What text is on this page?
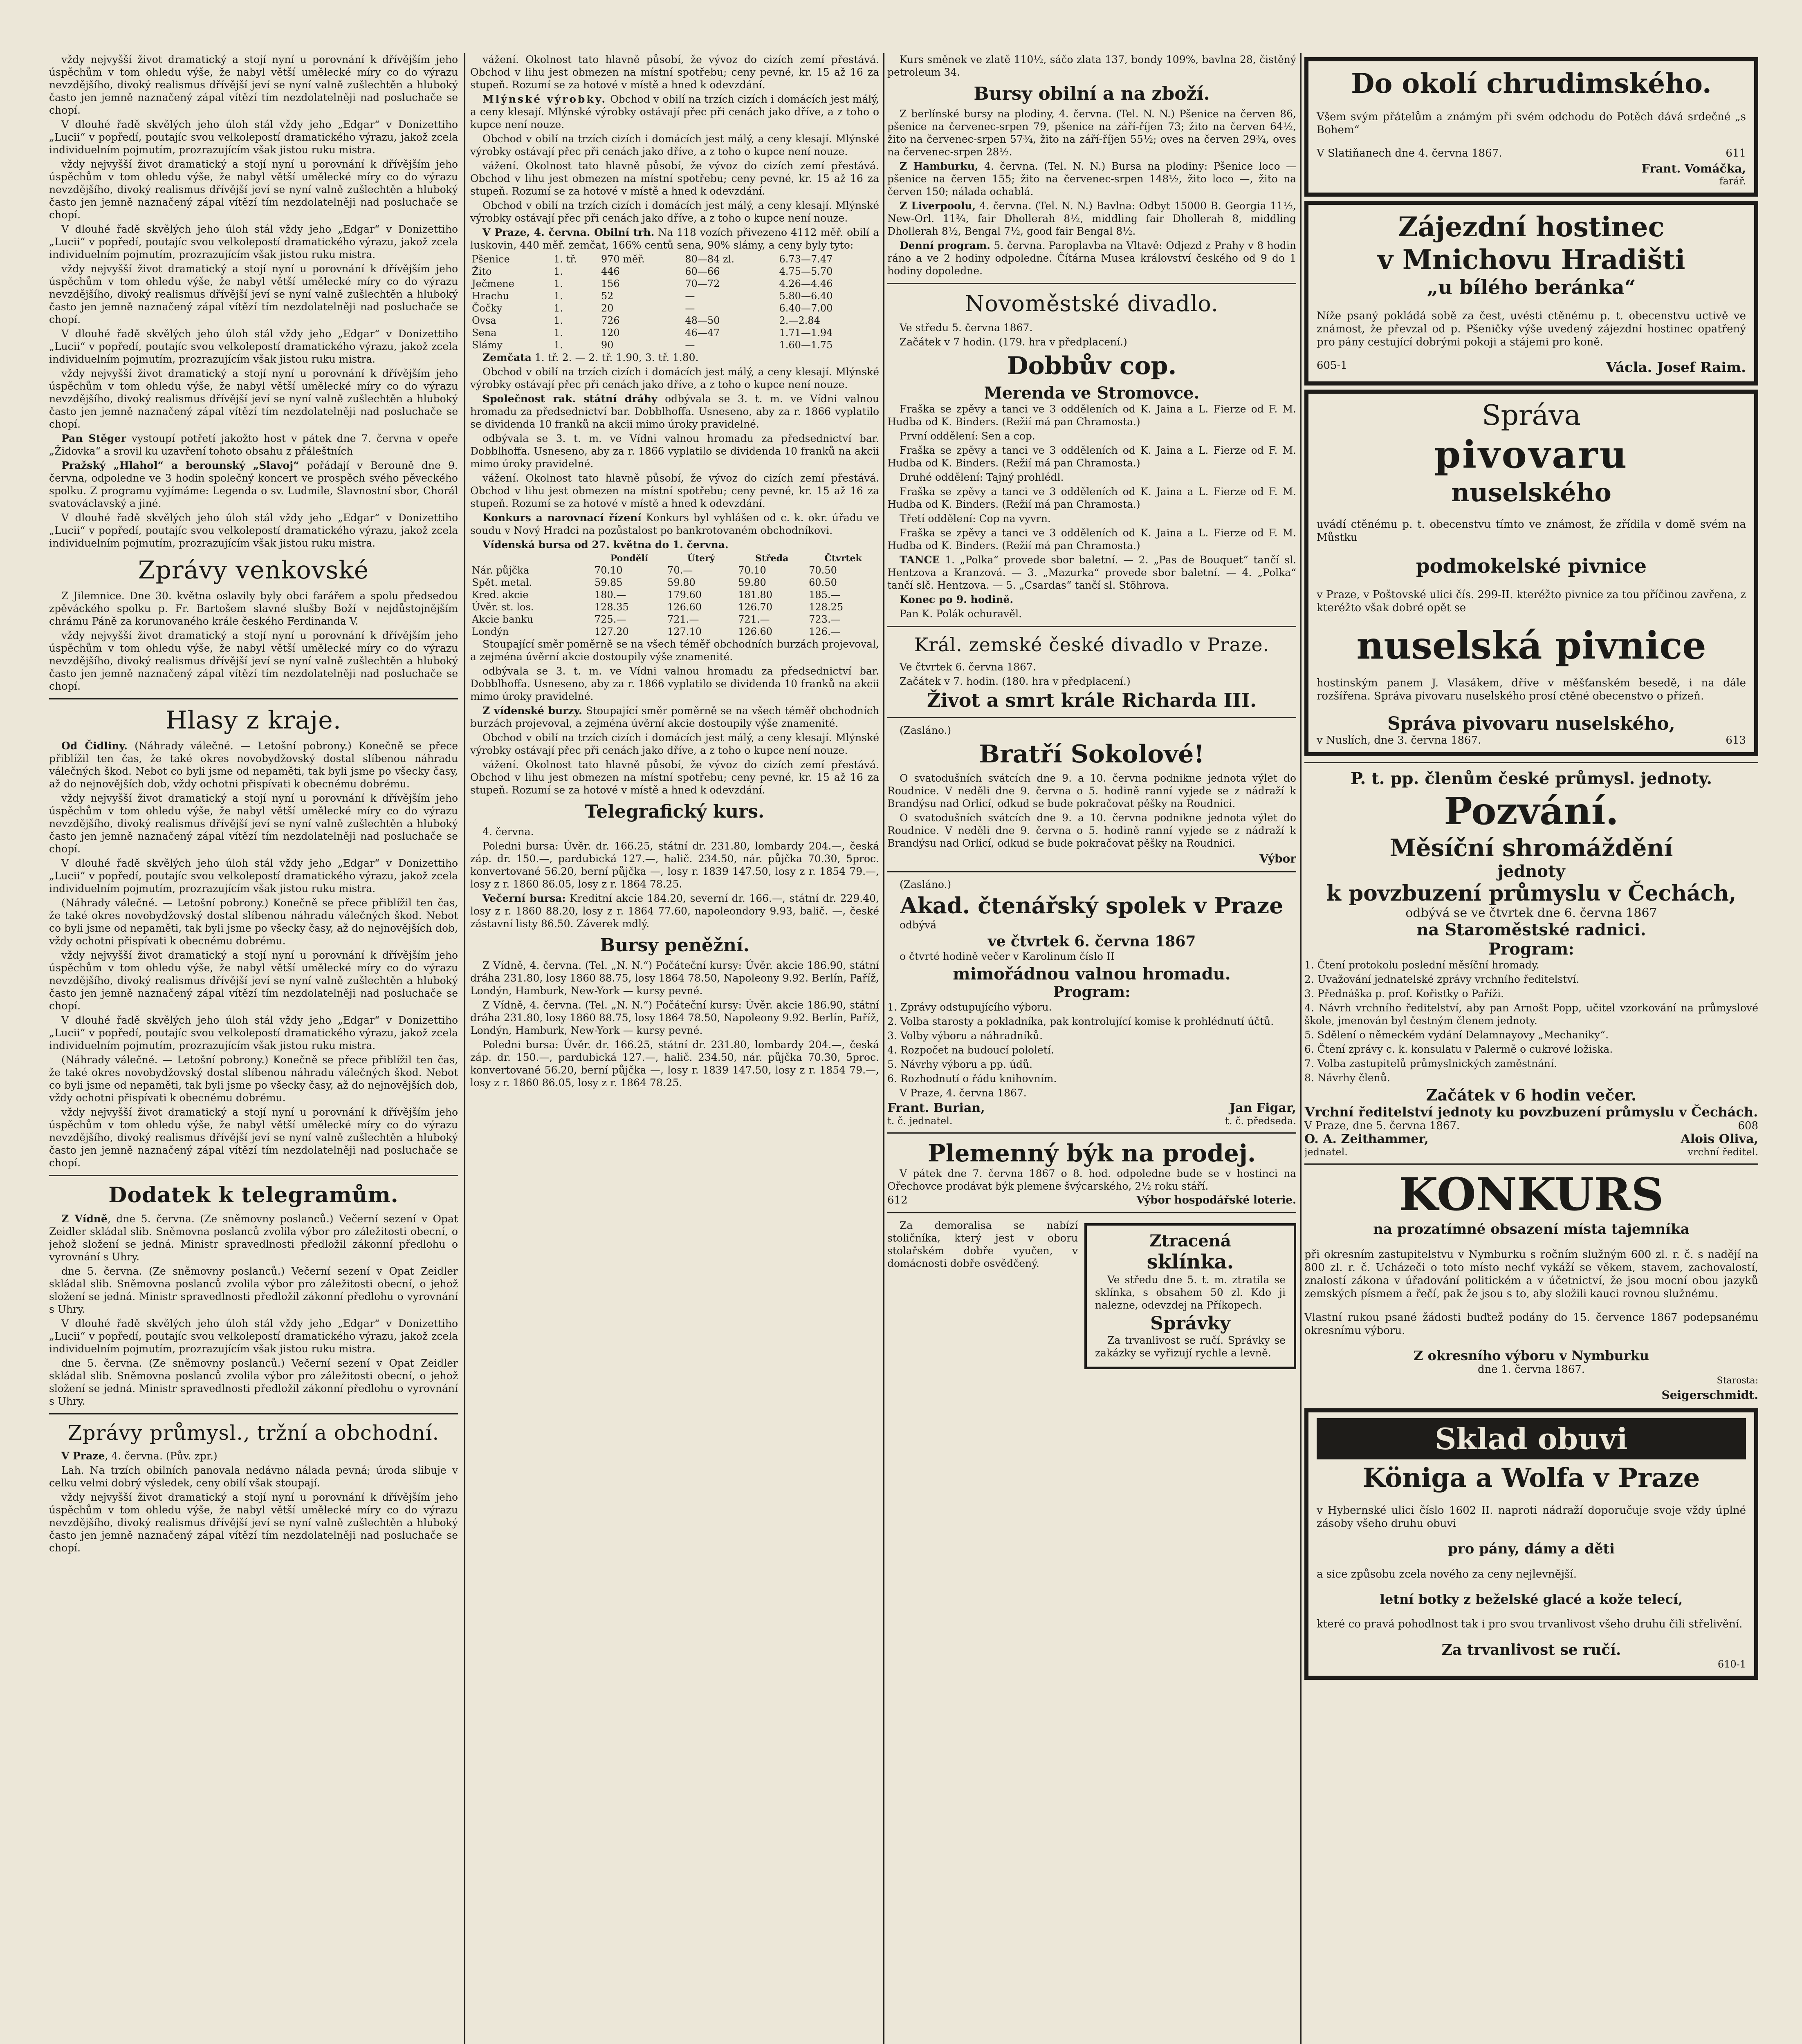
vždy nejvyšší život dramatický a stojí nyní u porovnání k dřívějším jeho úspěchům v tom ohledu výše, že nabyl větší umělecké míry co do výrazu nevzdějšího, divoký realismus dřívější jeví se nyní valně zušlechtěn a hluboký často jen jemně naznačený zápal vítězí tím nezdolatelněji nad posluchače se chopí.

V dlouhé řadě skvělých jeho úloh stál vždy jeho „Edgar“ v Donizettiho „Lucii“ v popředí, poutajíc svou velkolepostí dramatického výrazu, jakož zcela individuelním pojmutím, prozrazujícím však jistou ruku mistra.

vždy nejvyšší život dramatický a stojí nyní u porovnání k dřívějším jeho úspěchům v tom ohledu výše, že nabyl větší umělecké míry co do výrazu nevzdějšího, divoký realismus dřívější jeví se nyní valně zušlechtěn a hluboký často jen jemně naznačený zápal vítězí tím nezdolatelněji nad posluchače se chopí.

V dlouhé řadě skvělých jeho úloh stál vždy jeho „Edgar“ v Donizettiho „Lucii“ v popředí, poutajíc svou velkolepostí dramatického výrazu, jakož zcela individuelním pojmutím, prozrazujícím však jistou ruku mistra.

vždy nejvyšší život dramatický a stojí nyní u porovnání k dřívějším jeho úspěchům v tom ohledu výše, že nabyl větší umělecké míry co do výrazu nevzdějšího, divoký realismus dřívější jeví se nyní valně zušlechtěn a hluboký často jen jemně naznačený zápal vítězí tím nezdolatelněji nad posluchače se chopí.

V dlouhé řadě skvělých jeho úloh stál vždy jeho „Edgar“ v Donizettiho „Lucii“ v popředí, poutajíc svou velkolepostí dramatického výrazu, jakož zcela individuelním pojmutím, prozrazujícím však jistou ruku mistra.

vždy nejvyšší život dramatický a stojí nyní u porovnání k dřívějším jeho úspěchům v tom ohledu výše, že nabyl větší umělecké míry co do výrazu nevzdějšího, divoký realismus dřívější jeví se nyní valně zušlechtěn a hluboký často jen jemně naznačený zápal vítězí tím nezdolatelněji nad posluchače se chopí.

Pan Stěger vystoupí potřetí jakožto host v pátek dne 7. června v opeře „Židovka“ a srovil ku uzavření tohoto obsahu z přáleštních

Pražský „Hlahol“ a berounský „Slavoj“ pořádají v Berouně dne 9. června, odpoledne ve 3 hodin společný koncert ve prospěch svého pěveckého spolku. Z programu vyjímáme: Legenda o sv. Ludmile, Slavnostní sbor, Chorál svatováclavský a jiné.

V dlouhé řadě skvělých jeho úloh stál vždy jeho „Edgar“ v Donizettiho „Lucii“ v popředí, poutajíc svou velkolepostí dramatického výrazu, jakož zcela individuelním pojmutím, prozrazujícím však jistou ruku mistra.

Zprávy venkovské

Z Jilemnice. Dne 30. května oslavily byly obci farářem a spolu předsedou zpěváckého spolku p. Fr. Bartošem slavné slušby Boží v nejdůstojnějším chrámu Páně za korunovaného krále českého Ferdinanda V.

vždy nejvyšší život dramatický a stojí nyní u porovnání k dřívějším jeho úspěchům v tom ohledu výše, že nabyl větší umělecké míry co do výrazu nevzdějšího, divoký realismus dřívější jeví se nyní valně zušlechtěn a hluboký často jen jemně naznačený zápal vítězí tím nezdolatelněji nad posluchače se chopí.

Hlasy z kraje.

Od Čidliny. (Náhrady válečné. — Letošní pobrony.) Konečně se přece přiblížil ten čas, že také okres novobydžovský dostal slíbenou náhradu válečných škod. Nebot co byli jsme od nepaměti, tak byli jsme po všecky časy, až do nejnovějších dob, vždy ochotni přispívati k obecnému dobrému.

vždy nejvyšší život dramatický a stojí nyní u porovnání k dřívějším jeho úspěchům v tom ohledu výše, že nabyl větší umělecké míry co do výrazu nevzdějšího, divoký realismus dřívější jeví se nyní valně zušlechtěn a hluboký často jen jemně naznačený zápal vítězí tím nezdolatelněji nad posluchače se chopí.

V dlouhé řadě skvělých jeho úloh stál vždy jeho „Edgar“ v Donizettiho „Lucii“ v popředí, poutajíc svou velkolepostí dramatického výrazu, jakož zcela individuelním pojmutím, prozrazujícím však jistou ruku mistra.

(Náhrady válečné. — Letošní pobrony.) Konečně se přece přiblížil ten čas, že také okres novobydžovský dostal slíbenou náhradu válečných škod. Nebot co byli jsme od nepaměti, tak byli jsme po všecky časy, až do nejnovějších dob, vždy ochotni přispívati k obecnému dobrému.

vždy nejvyšší život dramatický a stojí nyní u porovnání k dřívějším jeho úspěchům v tom ohledu výše, že nabyl větší umělecké míry co do výrazu nevzdějšího, divoký realismus dřívější jeví se nyní valně zušlechtěn a hluboký často jen jemně naznačený zápal vítězí tím nezdolatelněji nad posluchače se chopí.

V dlouhé řadě skvělých jeho úloh stál vždy jeho „Edgar“ v Donizettiho „Lucii“ v popředí, poutajíc svou velkolepostí dramatického výrazu, jakož zcela individuelním pojmutím, prozrazujícím však jistou ruku mistra.

(Náhrady válečné. — Letošní pobrony.) Konečně se přece přiblížil ten čas, že také okres novobydžovský dostal slíbenou náhradu válečných škod. Nebot co byli jsme od nepaměti, tak byli jsme po všecky časy, až do nejnovějších dob, vždy ochotni přispívati k obecnému dobrému.

vždy nejvyšší život dramatický a stojí nyní u porovnání k dřívějším jeho úspěchům v tom ohledu výše, že nabyl větší umělecké míry co do výrazu nevzdějšího, divoký realismus dřívější jeví se nyní valně zušlechtěn a hluboký často jen jemně naznačený zápal vítězí tím nezdolatelněji nad posluchače se chopí.

Dodatek k telegramům.

Z Vídně, dne 5. června. (Ze sněmovny poslanců.) Večerní sezení v Opat Zeidler skládal slib. Sněmovna poslanců zvolila výbor pro záležitosti obecní, o jehož složení se jedná. Ministr spravedlnosti předložil zákonní předlohu o vyrovnání s Uhry.

dne 5. června. (Ze sněmovny poslanců.) Večerní sezení v Opat Zeidler skládal slib. Sněmovna poslanců zvolila výbor pro záležitosti obecní, o jehož složení se jedná. Ministr spravedlnosti předložil zákonní předlohu o vyrovnání s Uhry.

V dlouhé řadě skvělých jeho úloh stál vždy jeho „Edgar“ v Donizettiho „Lucii“ v popředí, poutajíc svou velkolepostí dramatického výrazu, jakož zcela individuelním pojmutím, prozrazujícím však jistou ruku mistra.

dne 5. června. (Ze sněmovny poslanců.) Večerní sezení v Opat Zeidler skládal slib. Sněmovna poslanců zvolila výbor pro záležitosti obecní, o jehož složení se jedná. Ministr spravedlnosti předložil zákonní předlohu o vyrovnání s Uhry.

Zprávy průmysl., tržní a obchodní.

V Praze, 4. června. (Pův. zpr.)

Lah. Na trzích obilních panovala nedávno nálada pevná; úroda slibuje v celku velmi dobrý výsledek, ceny obilí však stoupají.

vždy nejvyšší život dramatický a stojí nyní u porovnání k dřívějším jeho úspěchům v tom ohledu výše, že nabyl větší umělecké míry co do výrazu nevzdějšího, divoký realismus dřívější jeví se nyní valně zušlechtěn a hluboký často jen jemně naznačený zápal vítězí tím nezdolatelněji nad posluchače se chopí.

vážení. Okolnost tato hlavně působí, že vývoz do cizích zemí přestává. Obchod v lihu jest obmezen na místní spotřebu; ceny pevné, kr. 15 až 16 za stupeň. Rozumí se za hotové v místě a hned k odevzdání.

Mlýnské výrobky. Obchod v obilí na trzích cizích i domácích jest málý, a ceny klesají. Mlýnské výrobky ostávají přec při cenách jako dříve, a z toho o kupce není nouze.

Obchod v obilí na trzích cizích i domácích jest málý, a ceny klesají. Mlýnské výrobky ostávají přec při cenách jako dříve, a z toho o kupce není nouze.

vážení. Okolnost tato hlavně působí, že vývoz do cizích zemí přestává. Obchod v lihu jest obmezen na místní spotřebu; ceny pevné, kr. 15 až 16 za stupeň. Rozumí se za hotové v místě a hned k odevzdání.

Obchod v obilí na trzích cizích i domácích jest málý, a ceny klesají. Mlýnské výrobky ostávají přec při cenách jako dříve, a z toho o kupce není nouze.

V Praze, 4. června. Obilní trh. Na 118 vozích přivezeno 4112 měř. obilí a luskovin, 440 měř. zemčat, 166% centů sena, 90% slámy, a ceny byly tyto:

Pšenice	1. tř.	970 měř.	80—84 zl.	6.73—7.47
Žito	1.	446	60—66	4.75—5.70
Ječmene	1.	156	70—72	4.26—4.46
Hrachu	1.	52	—	5.80—6.40
Čočky	1.	20	—	6.40—7.00
Ovsa	1.	726	48—50	2.—2.84
Sena	1.	120	46—47	1.71—1.94
Slámy	1.	90	—	1.60—1.75

Zemčata 1. tř. 2. — 2. tř. 1.90, 3. tř. 1.80.

Obchod v obilí na trzích cizích i domácích jest málý, a ceny klesají. Mlýnské výrobky ostávají přec při cenách jako dříve, a z toho o kupce není nouze.

Společnost rak. státní dráhy odbývala se 3. t. m. ve Vídni valnou hromadu za předsednictví bar. Dobblhoffa. Usneseno, aby za r. 1866 vyplatilo se dividenda 10 franků na akcii mimo úroky pravidelné.

odbývala se 3. t. m. ve Vídni valnou hromadu za předsednictví bar. Dobblhoffa. Usneseno, aby za r. 1866 vyplatilo se dividenda 10 franků na akcii mimo úroky pravidelné.

vážení. Okolnost tato hlavně působí, že vývoz do cizích zemí přestává. Obchod v lihu jest obmezen na místní spotřebu; ceny pevné, kr. 15 až 16 za stupeň. Rozumí se za hotové v místě a hned k odevzdání.

Konkurs a narovnací řízení Konkurs byl vyhlášen od c. k. okr. úřadu ve soudu v Nový Hradci na pozůstalost po bankrotovaném obchodníkovi.

Vídenská bursa od 27. května do 1. června.

	Pondělí	Úterý	Středa	Čtvrtek
Nár. půjčka	70.10	70.—	70.10	70.50
Spět. metal.	59.85	59.80	59.80	60.50
Kred. akcie	180.—	179.60	181.80	185.—
Úvěr. st. los.	128.35	126.60	126.70	128.25
Akcie banku	725.—	721.—	721.—	723.—
Londýn	127.20	127.10	126.60	126.—

Stoupající směr poměrně se na všech téměř obchodních burzách projevoval, a zejména úvěrní akcie dostoupily výše znamenité.

odbývala se 3. t. m. ve Vídni valnou hromadu za předsednictví bar. Dobblhoffa. Usneseno, aby za r. 1866 vyplatilo se dividenda 10 franků na akcii mimo úroky pravidelné.

Z vídenské burzy. Stoupající směr poměrně se na všech téměř obchodních burzách projevoval, a zejména úvěrní akcie dostoupily výše znamenité.

Obchod v obilí na trzích cizích i domácích jest málý, a ceny klesají. Mlýnské výrobky ostávají přec při cenách jako dříve, a z toho o kupce není nouze.

vážení. Okolnost tato hlavně působí, že vývoz do cizích zemí přestává. Obchod v lihu jest obmezen na místní spotřebu; ceny pevné, kr. 15 až 16 za stupeň. Rozumí se za hotové v místě a hned k odevzdání.

Telegrafický kurs.

4. června.

Poledni bursa: Úvěr. dr. 166.25, státní dr. 231.80, lombardy 204.—, česká záp. dr. 150.—, pardubická 127.—, halič. 234.50, nár. půjčka 70.30, 5proc. konvertované 56.20, berní půjčka —, losy r. 1839 147.50, losy z r. 1854 79.—, losy z r. 1860 86.05, losy z r. 1864 78.25.

Večerní bursa: Kreditní akcie 184.20, severní dr. 166.—, státní dr. 229.40, losy z r. 1860 88.20, losy z r. 1864 77.60, napoleondory 9.93, balič. —, české zástavní listy 86.50. Záverek mdlý.

Bursy peněžní.

Z Vídně, 4. června. (Tel. „N. N.“) Počáteční kursy: Úvěr. akcie 186.90, státní dráha 231.80, losy 1860 88.75, losy 1864 78.50, Napoleony 9.92. Berlín, Paříž, Londýn, Hamburk, New-York — kursy pevné.

Z Vídně, 4. června. (Tel. „N. N.“) Počáteční kursy: Úvěr. akcie 186.90, státní dráha 231.80, losy 1860 88.75, losy 1864 78.50, Napoleony 9.92. Berlín, Paříž, Londýn, Hamburk, New-York — kursy pevné.

Poledni bursa: Úvěr. dr. 166.25, státní dr. 231.80, lombardy 204.—, česká záp. dr. 150.—, pardubická 127.—, halič. 234.50, nár. půjčka 70.30, 5proc. konvertované 56.20, berní půjčka —, losy r. 1839 147.50, losy z r. 1854 79.—, losy z r. 1860 86.05, losy z r. 1864 78.25.

Kurs směnek ve zlatě 110½, sáčo zlata 137, bondy 109%, bavlna 28, čistěný petroleum 34.

Bursy obilní a na zboží.

Z berlínské bursy na plodiny, 4. června. (Tel. N. N.) Pšenice na červen 86, pšenice na červenec-srpen 79, pšenice na září-říjen 73; žito na červen 64½, žito na červenec-srpen 57¾, žito na září-říjen 55½; oves na červen 29¾, oves na červenec-srpen 28½.

Z Hamburku, 4. června. (Tel. N. N.) Bursa na plodiny: Pšenice loco — pšenice na červen 155; žito na červenec-srpen 148½, žito loco —, žito na červen 150; nálada ochablá.

Z Liverpoolu, 4. června. (Tel. N. N.) Bavlna: Odbyt 15000 B. Georgia 11½, New-Orl. 11¾, fair Dhollerah 8½, middling fair Dhollerah 8, middling Dhollerah 8½, Bengal 7½, good fair Bengal 8½.

Denní program. 5. června. Paroplavba na Vltavě: Odjezd z Prahy v 8 hodin ráno a ve 2 hodiny odpoledne. Čítárna Musea království českého od 9 do 1 hodiny dopoledne.

Novoměstské divadlo.

Ve středu 5. června 1867.

Začátek v 7 hodin. (179. hra v předplacení.)

Dobbův cop.
Merenda ve Stromovce.

Fraška se zpěvy a tanci ve 3 odděleních od K. Jaina a L. Fierze od F. M. Hudba od K. Binders. (Režií má pan Chramosta.)

První oddělení: Sen a cop.

Fraška se zpěvy a tanci ve 3 odděleních od K. Jaina a L. Fierze od F. M. Hudba od K. Binders. (Režií má pan Chramosta.)

Druhé oddělení: Tajný prohlédl.

Fraška se zpěvy a tanci ve 3 odděleních od K. Jaina a L. Fierze od F. M. Hudba od K. Binders. (Režií má pan Chramosta.)

Třetí oddělení: Cop na vyvrn.

Fraška se zpěvy a tanci ve 3 odděleních od K. Jaina a L. Fierze od F. M. Hudba od K. Binders. (Režií má pan Chramosta.)

TANCE 1. „Polka“ provede sbor baletní. — 2. „Pas de Bouquet“ tančí sl. Hentzova a Kranzová. — 3. „Mazurka“ provede sbor baletní. — 4. „Polka“ tančí slč. Hentzova. — 5. „Csardas“ tančí sl. Stöhrova.

Konec po 9. hodině.

Pan K. Polák ochuravěl.

Král. zemské české divadlo v Praze.

Ve čtvrtek 6. června 1867.

Začátek v 7. hodin. (180. hra v předplacení.)

Život a smrt krále Richarda III.

(Zasláno.)

Bratří Sokolové!

O svatodušních svátcích dne 9. a 10. června podnikne jednota výlet do Roudnice. V neděli dne 9. června o 5. hodině ranní vyjede se z nádraží k Brandýsu nad Orlicí, odkud se bude pokračovat pěšky na Roudnici.

O svatodušních svátcích dne 9. a 10. června podnikne jednota výlet do Roudnice. V neděli dne 9. června o 5. hodině ranní vyjede se z nádraží k Brandýsu nad Orlicí, odkud se bude pokračovat pěšky na Roudnici.

Výbor

(Zasláno.)

Akad. čtenářský spolek v Praze

odbývá

ve čtvrtek 6. června 1867

o čtvrté hodině večer v Karolinum číslo II

mimořádnou valnou hromadu.
Program:

1. Zprávy odstupujícího výboru.

2. Volba starosty a pokladníka, pak kontrolující komise k prohlédnutí účtů.

3. Volby výboru a náhradníků.

4. Rozpočet na budoucí pololetí.

5. Návrhy výboru a pp. údů.

6. Rozhodnutí o řádu knihovním.

V Praze, 4. června 1867.

Frant. Burian,	Jan Figar,
t. č. jednatel.	t. č. předseda.
Plemenný býk na prodej.

V pátek dne 7. června 1867 o 8. hod. odpoledne bude se v hostinci na Ořechovce prodávat býk plemene švýcarského, 2½ roku stáří.

612	Výbor hospodářské loterie.

Za demoralisa se nabízí stoličníka, který jest v oboru stolařském dobře vyučen, v domácnosti dobře osvědčený.

Ztracená
sklínka.

Ve středu dne 5. t. m. ztratila se sklínka, s obsahem 50 zl. Kdo ji nalezne, odevzdej na Příkopech.

Správky

Za trvanlivost se ručí. Správky se zakázky se vyřizují rychle a levně.

Do okolí chrudimského.

Všem svým přátelům a známým při svém odchodu do Potěch dává srdečné „s Bohem“

V Slatiňanech dne 4. června 1867.	611
Frant. Vomáčka,
farář.
Zájezdní hostinec
v Mnichovu Hradišti
„u bílého beránka“

Níže psaný pokládá sobě za čest, uvésti ctěnému p. t. obecenstvu uctivě ve známost, že převzal od p. Pšeničky výše uvedený zájezdní hostinec opatřený pro pány cestující dobrými pokoji a stájemi pro koně.

605-1	Václa. Josef Raim.
Správa
pivovaru
nuselského

uvádí ctěnému p. t. obecenstvu tímto ve známost, že zřídila v domě svém na Můstku

podmokelské pivnice

v Praze, v Poštovské ulici čís. 299-II. kteréžto pivnice za tou příčinou zavřena, z kteréžto však dobré opět se

nuselská pivnice

hostinským panem J. Vlasákem, dříve v měšťanském besedě, i na dále rozšířena. Správa pivovaru nuselského prosí ctěné obecenstvo o přízeň.

Správa pivovaru nuselského,
v Nuslích, dne 3. června 1867.	613
P. t. pp. členům české průmysl. jednoty.
Pozvání.
Měsíční shromáždění
jednoty
k povzbuzení průmyslu v Čechách,
odbývá se ve čtvrtek dne 6. června 1867
na Staroměstské radnici.
Program:

1. Čtení protokolu poslední měsíční hromady.

2. Uvažování jednatelské zprávy vrchního ředitelství.

3. Přednáška p. prof. Kořistky o Paříži.

4. Návrh vrchního ředitelství, aby pan Arnošt Popp, učitel vzorkování na průmyslové škole, jmenován byl čestným členem jednoty.

5. Sdělení o německém vydání Delamnayovy „Mechaniky“.

6. Čtení zprávy c. k. konsulatu v Palermě o cukrové ložiska.

7. Volba zastupitelů průmyslnických zaměstnání.

8. Návrhy členů.

Začátek v 6 hodin večer.
Vrchní ředitelství jednoty ku povzbuzení průmyslu v Čechách.
V Praze, dne 5. června 1867.	608
O. A. Zeithammer,	Alois Oliva,
jednatel.	vrchní ředitel.
KONKURS
na prozatímné obsazení místa tajemníka

při okresním zastupitelstvu v Nymburku s ročním služným 600 zl. r. č. s nadějí na 800 zl. r. č. Ucházeči o toto místo nechť vykáží se věkem, stavem, zachovalostí, znalostí zákona v úřadování politickém a v účetnictví, že jsou mocní obou jazyků zemských písmem a řečí, pak že jsou s to, aby složili kauci rovnou služnému.

Vlastní rukou psané žádosti buďtež podány do 15. července 1867 podepsanému okresnímu výboru.

Z okresního výboru v Nymburku
dne 1. června 1867.
Starosta:
Seigerschmidt.
Sklad obuvi
Königa a Wolfa v Praze

v Hybernské ulici číslo 1602 II. naproti nádraží doporučuje svoje vždy úplné zásoby všeho druhu obuvi

pro pány, dámy a děti

a sice způsobu zcela nového za ceny nejlevnější.

letní botky z beželské glacé a kože telecí,

které co pravá pohodlnost tak i pro svou trvanlivost všeho druhu čili střelivění.

Za trvanlivost se ručí.
610-1
